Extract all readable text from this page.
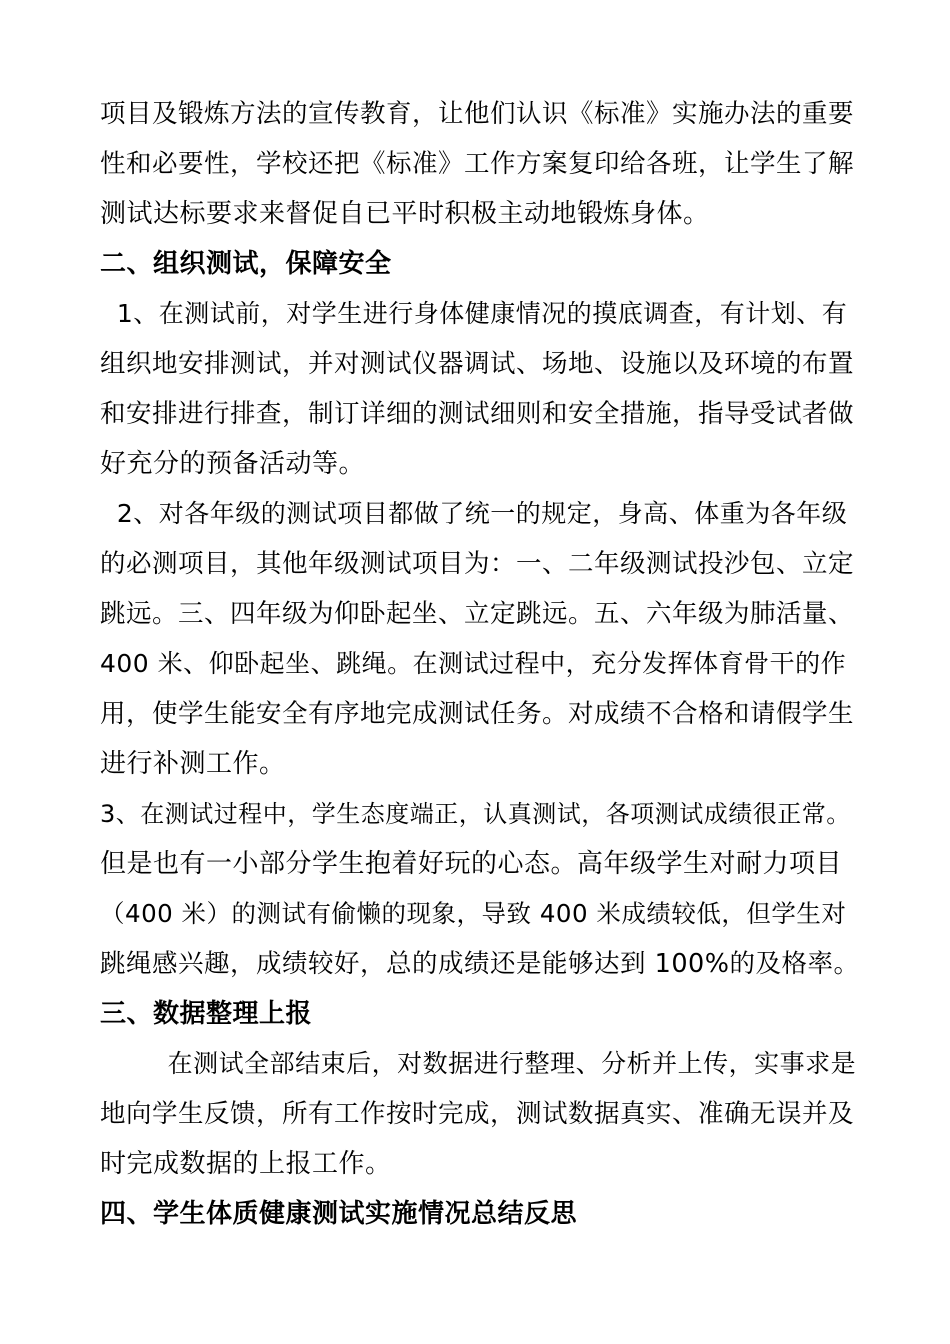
项目及锻炼方法的宣传教育，让他们认识《标准》实施办法的重要
性和必要性，学校还把《标准》工作方案复印给各班，让学生了解
测试达标要求来督促自已平时积极主动地锻炼身体。
二、组织测试，保障安全
1、在测试前，对学生进行身体健康情况的摸底调查，有计划、有
组织地安排测试，并对测试仪器调试、场地、设施以及环境的布置
和安排进行排查，制订详细的测试细则和安全措施，指导受试者做
好充分的预备活动等。
2、对各年级的测试项目都做了统一的规定，身高、体重为各年级
的必测项目，其他年级测试项目为：一、二年级测试投沙包、立定
跳远。三、四年级为仰卧起坐、立定跳远。五、六年级为肺活量、
400 米、仰卧起坐、跳绳。在测试过程中，充分发挥体育骨干的作
用，使学生能安全有序地完成测试任务。对成绩不合格和请假学生
进行补测工作。
3、在测试过程中，学生态度端正，认真测试，各项测试成绩很正常。
但是也有一小部分学生抱着好玩的心态。高年级学生对耐力项目
（400 米）的测试有偷懒的现象，导致 400 米成绩较低，但学生对
跳绳感兴趣，成绩较好，总的成绩还是能够达到 100%的及格率。
三、数据整理上报
在测试全部结束后，对数据进行整理、分析并上传，实事求是
地向学生反馈，所有工作按时完成，测试数据真实、准确无误并及
时完成数据的上报工作。
四、学生体质健康测试实施情况总结反思
